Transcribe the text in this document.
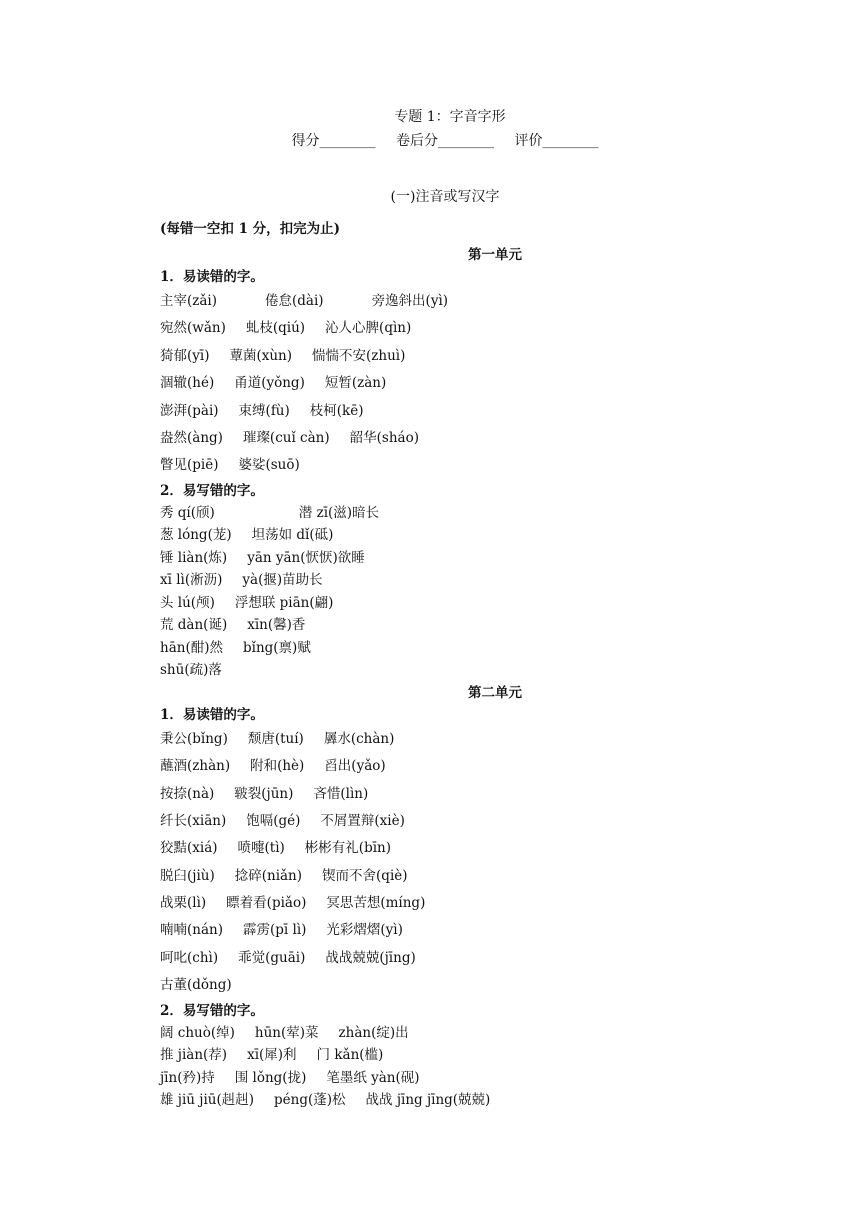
专题 1：字音字形
得分________ 卷后分________ 评价________
(一)注音或写汉字
(每错一空扣 1 分，扣完为止)
第一单元
1．易读错的字。
主宰(zǎi)	倦怠(dài)	旁逸斜出(yì)
宛然(wǎn) 虬枝(qiú) 沁人心脾(qìn)
猗郁(yī) 蕈菌(xùn) 惴惴不安(zhuì)
涸辙(hé) 甬道(yǒng) 短暂(zàn)
澎湃(pài) 束缚(fù) 枝柯(kē)
盎然(àng) 璀璨(cuǐ càn) 韶华(sháo)
瞥见(piē) 婆娑(suō)
2．易写错的字。
秀 qí(颀)	潜 zī(滋)暗长
葱 lóng(茏) 坦荡如 dǐ(砥)
锤 liàn(炼) yān yān(恹恹)欲睡
xī lì(淅沥) yà(揠)苗助长
头 lú(颅) 浮想联 piān(翩)
荒 dàn(诞) xīn(馨)香
hān(酣)然 bǐng(禀)赋
shū(疏)落
第二单元
1．易读错的字。
秉公(bǐng) 颓唐(tuí) 羼水(chàn)
蘸酒(zhàn) 附和(hè) 舀出(yǎo)
按捺(nà) 皲裂(jūn) 吝惜(lìn)
纤长(xiān) 饱嗝(gé) 不屑置辩(xiè)
狡黠(xiá) 喷嚏(tì) 彬彬有礼(bīn)
脱臼(jiù) 捻碎(niǎn) 锲而不舍(qiè)
战栗(lì) 瞟着看(piǎo) 冥思苦想(míng)
喃喃(nán) 霹雳(pī lì) 光彩熠熠(yì)
呵叱(chì) 乖觉(guāi) 战战兢兢(jīng)
古董(dǒng)
2．易写错的字。
阔 chuò(绰) hūn(荤)菜 zhàn(绽)出
推 jiàn(荐) xī(犀)利 门 kǎn(槛)
jīn(矜)持 围 lǒng(拢) 笔墨纸 yàn(砚)
雄 jiū jiū(赳赳) péng(蓬)松 战战 jīng jīng(兢兢)
